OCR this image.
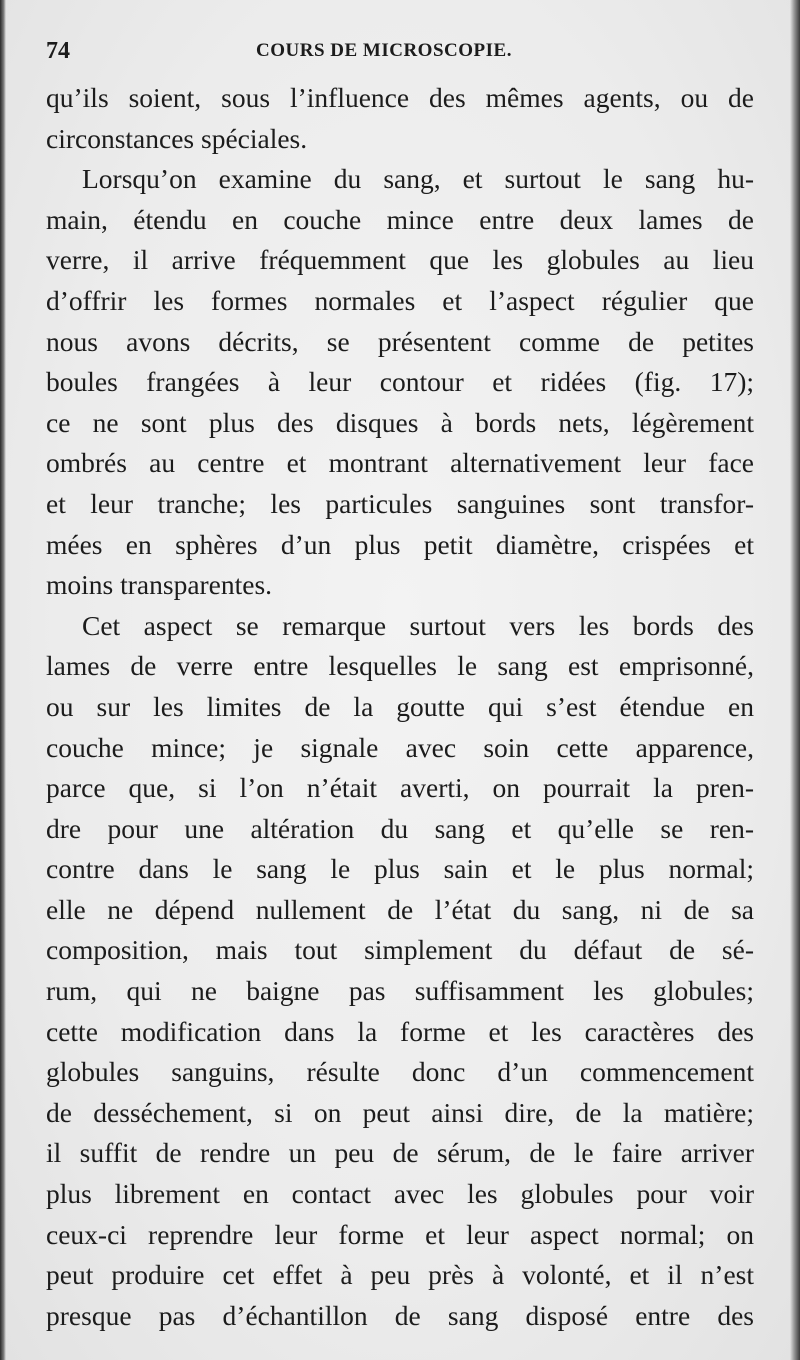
74	COURS DE MICROSCOPIE.
qu’ils soient, sous l’influence des mêmes agents, ou de
circonstances spéciales.
Lorsqu’on examine du sang, et surtout le sang hu-
main, étendu en couche mince entre deux lames de
verre, il arrive fréquemment que les globules au lieu
d’offrir les formes normales et l’aspect régulier que
nous avons décrits, se présentent comme de petites
boules frangées à leur contour et ridées (fig. 17);
ce ne sont plus des disques à bords nets, légèrement
ombrés au centre et montrant alternativement leur face
et leur tranche; les particules sanguines sont transfor-
mées en sphères d’un plus petit diamètre, crispées et
moins transparentes.
Cet aspect se remarque surtout vers les bords des
lames de verre entre lesquelles le sang est emprisonné,
ou sur les limites de la goutte qui s’est étendue en
couche mince; je signale avec soin cette apparence,
parce que, si l’on n’était averti, on pourrait la pren-
dre pour une altération du sang et qu’elle se ren-
contre dans le sang le plus sain et le plus normal;
elle ne dépend nullement de l’état du sang, ni de sa
composition, mais tout simplement du défaut de sé-
rum, qui ne baigne pas suffisamment les globules;
cette modification dans la forme et les caractères des
globules sanguins, résulte donc d’un commencement
de desséchement, si on peut ainsi dire, de la matière;
il suffit de rendre un peu de sérum, de le faire arriver
plus librement en contact avec les globules pour voir
ceux-ci reprendre leur forme et leur aspect normal; on
peut produire cet effet à peu près à volonté, et il n’est
presque pas d’échantillon de sang disposé entre des
